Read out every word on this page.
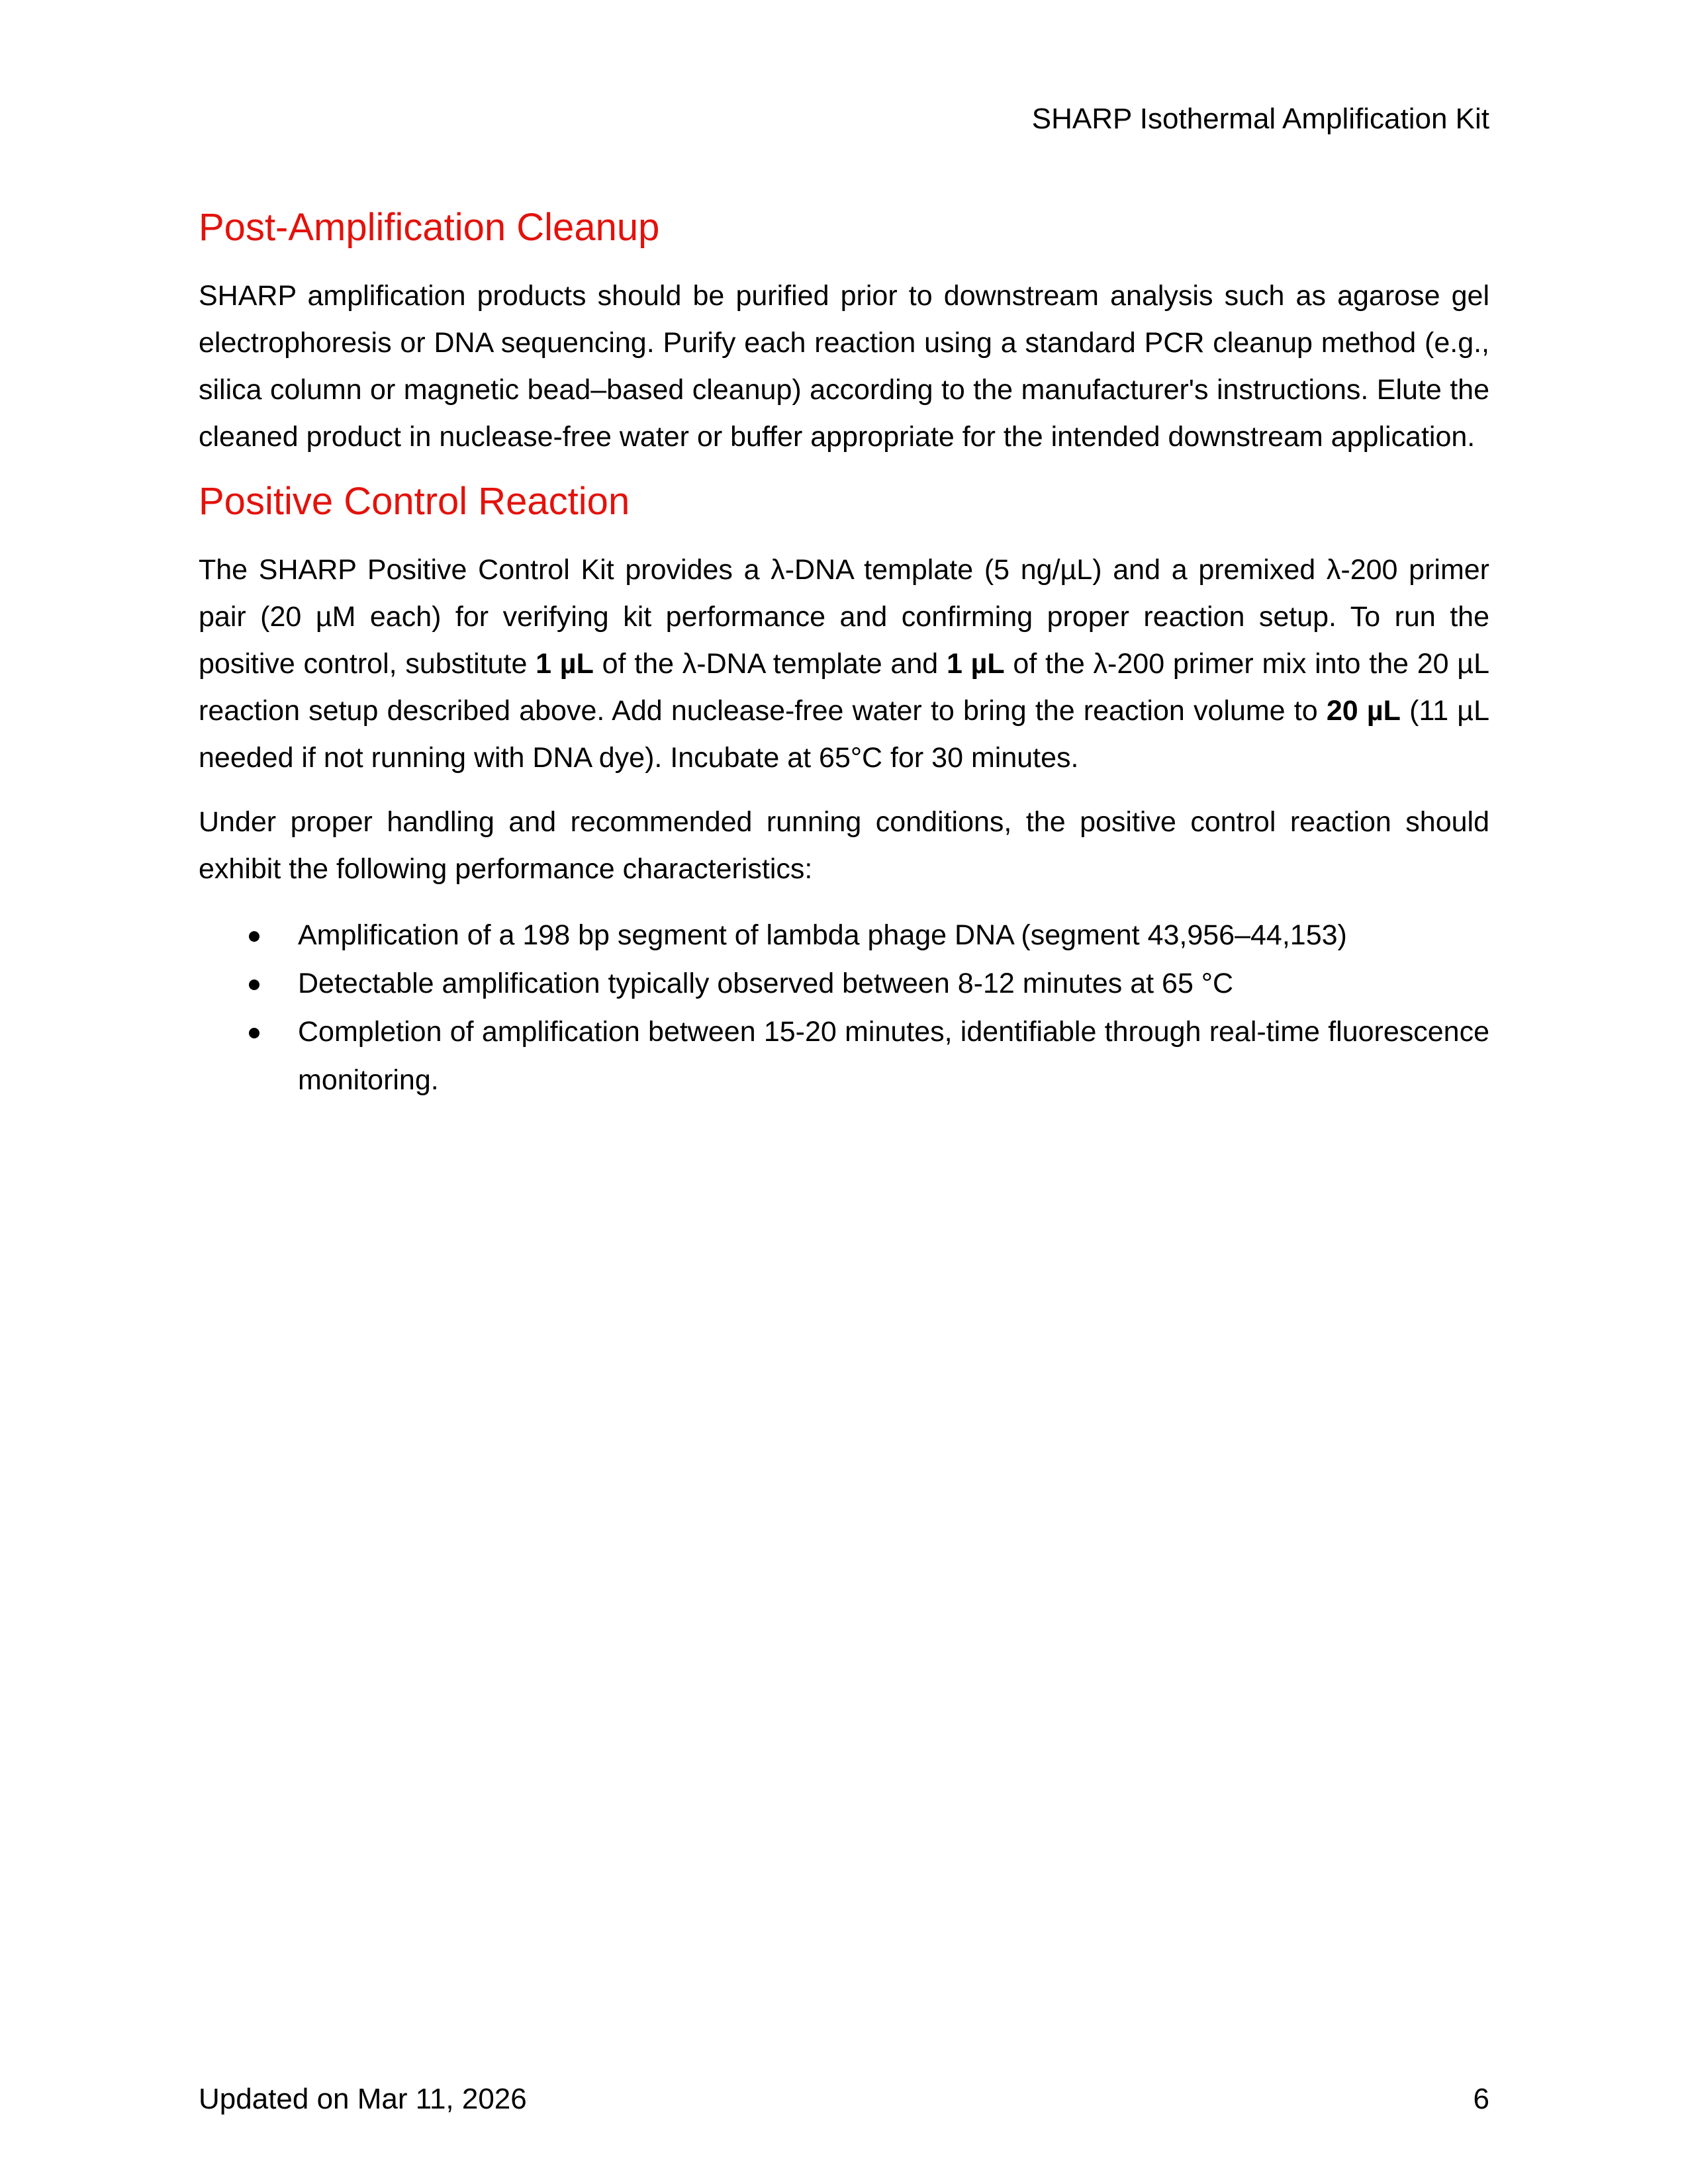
SHARP Isothermal Amplification Kit
Post-Amplification Cleanup

SHARP amplification products should be purified prior to downstream analysis such as agarose gel electrophoresis or DNA sequencing. Purify each reaction using a standard PCR cleanup method (e.g., silica column or magnetic bead–based cleanup) according to the manufacturer's instructions. Elute the cleaned product in nuclease-free water or buffer appropriate for the intended downstream application.

Positive Control Reaction

The SHARP Positive Control Kit provides a λ-DNA template (5 ng/µL) and a premixed λ-200 primer pair (20 µM each) for verifying kit performance and confirming proper reaction setup. To run the positive control, substitute 1 µL of the λ-DNA template and 1 µL of the λ-200 primer mix into the 20 µL reaction setup described above. Add nuclease-free water to bring the reaction volume to 20 µL (11 µL needed if not running with DNA dye). Incubate at 65°C for 30 minutes.

Under proper handling and recommended running conditions, the positive control reaction should exhibit the following performance characteristics:

Amplification of a 198 bp segment of lambda phage DNA (segment 43,956–44,153)
Detectable amplification typically observed between 8-12 minutes at 65 °C
Completion of amplification between 15-20 minutes, identifiable through real-time fluorescence monitoring.
Updated on Mar 11, 2026	6
